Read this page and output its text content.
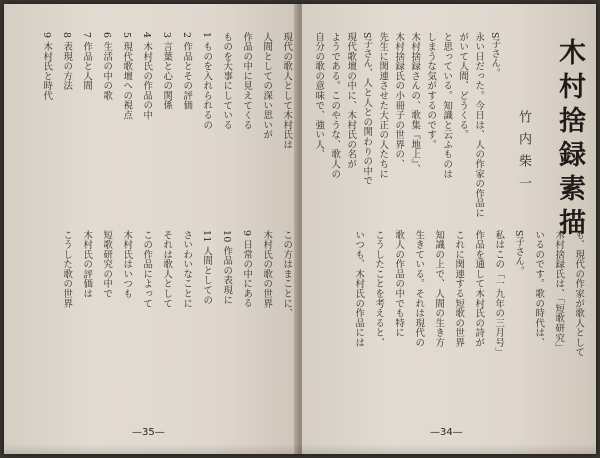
現代の歌人として木村氏は
人間としての深い思いが
作品の中に見えてくる
ものを大事にしている
1 ものを入れられるの
2 作品とその評価
3 言葉と心の関係
4 木村氏の作品の中
5 現代歌壇への視点
6 生活の中の歌
7 作品と人間
8 表現の方法
9 木村氏と時代
この方はまことに、
木村氏の歌の世界
9 日常の中にある
10 作品の表現に
11 人間としての
さいわいなことに
それは歌人として
この作品によって
木村氏はいつも
短歌研究の中で
木村氏の評価は
こうした歌の世界
— 35 —
木村捨録素描
竹内柴一
S子さん。
永い日だった。今日は、人の作家の作品に
がいて人間、どうくる。
と思っている。知識と云ふものは
しまうな気がするのです。
木村捨録さんの、歌集『地上』、
木村捨録氏の小冊子の世界の、
先生に関連させた大正の人たちに
S子さん、人と人との関わりの中で
現代歌壇の中に、木村氏の名が
ようである。このやうな、歌人の
自分の歌の意味で、強い人、
も、現代の作家が歌人として
木村捨録氏は、「短歌研究」
いるのです。歌の時代は、
S子さん。
私はこの「一九年の三月号」
作品を通して木村氏の詩が
これに関連する短歌の世界
知識の上で、人間の生き方
生きている。それは現代の
歌人の作品の中でも特に
こうしたことを考えると、
いつも、木村氏の作品には
— 34 —
